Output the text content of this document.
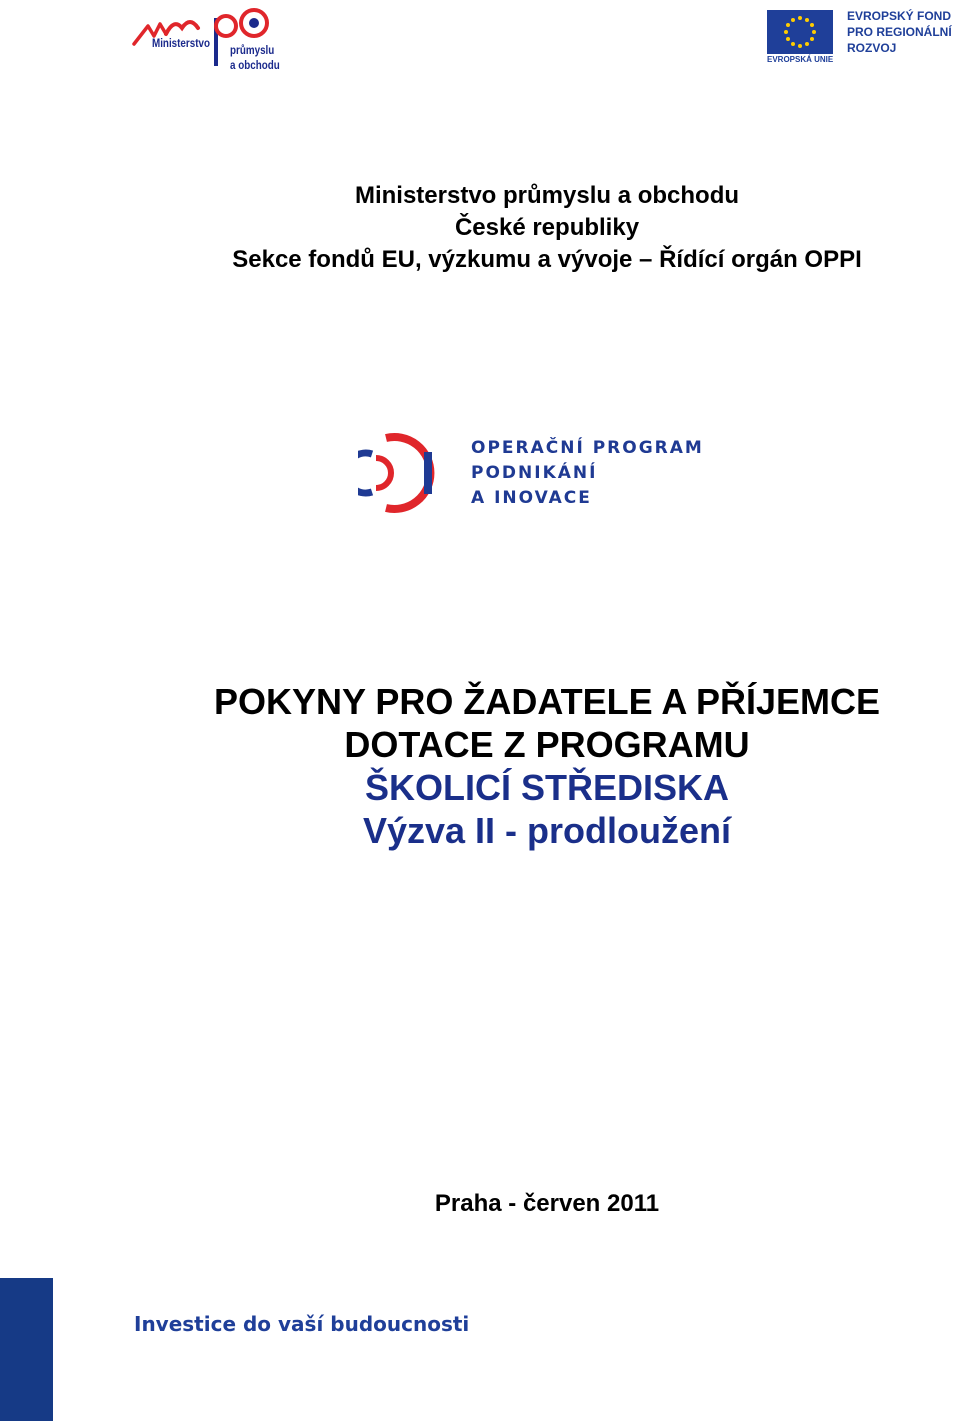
Ministerstvo průmyslu
a obchodu	EVROPSKÁ UNIE
EVROPSKÝ FOND
PRO REGIONÁLNÍ
ROZVOJ
Ministerstvo průmyslu a obchodu
České republiky
Sekce fondů EU, výzkumu a vývoje – Řídící orgán OPPI
OPERAČNÍ PROGRAM
PODNIKÁNÍ
A INOVACE
POKYNY PRO ŽADATELE A PŘÍJEMCE
DOTACE Z PROGRAMU
ŠKOLICÍ STŘEDISKA
Výzva II - prodloužení
Praha - červen 2011
Investice do vaší budoucnosti
